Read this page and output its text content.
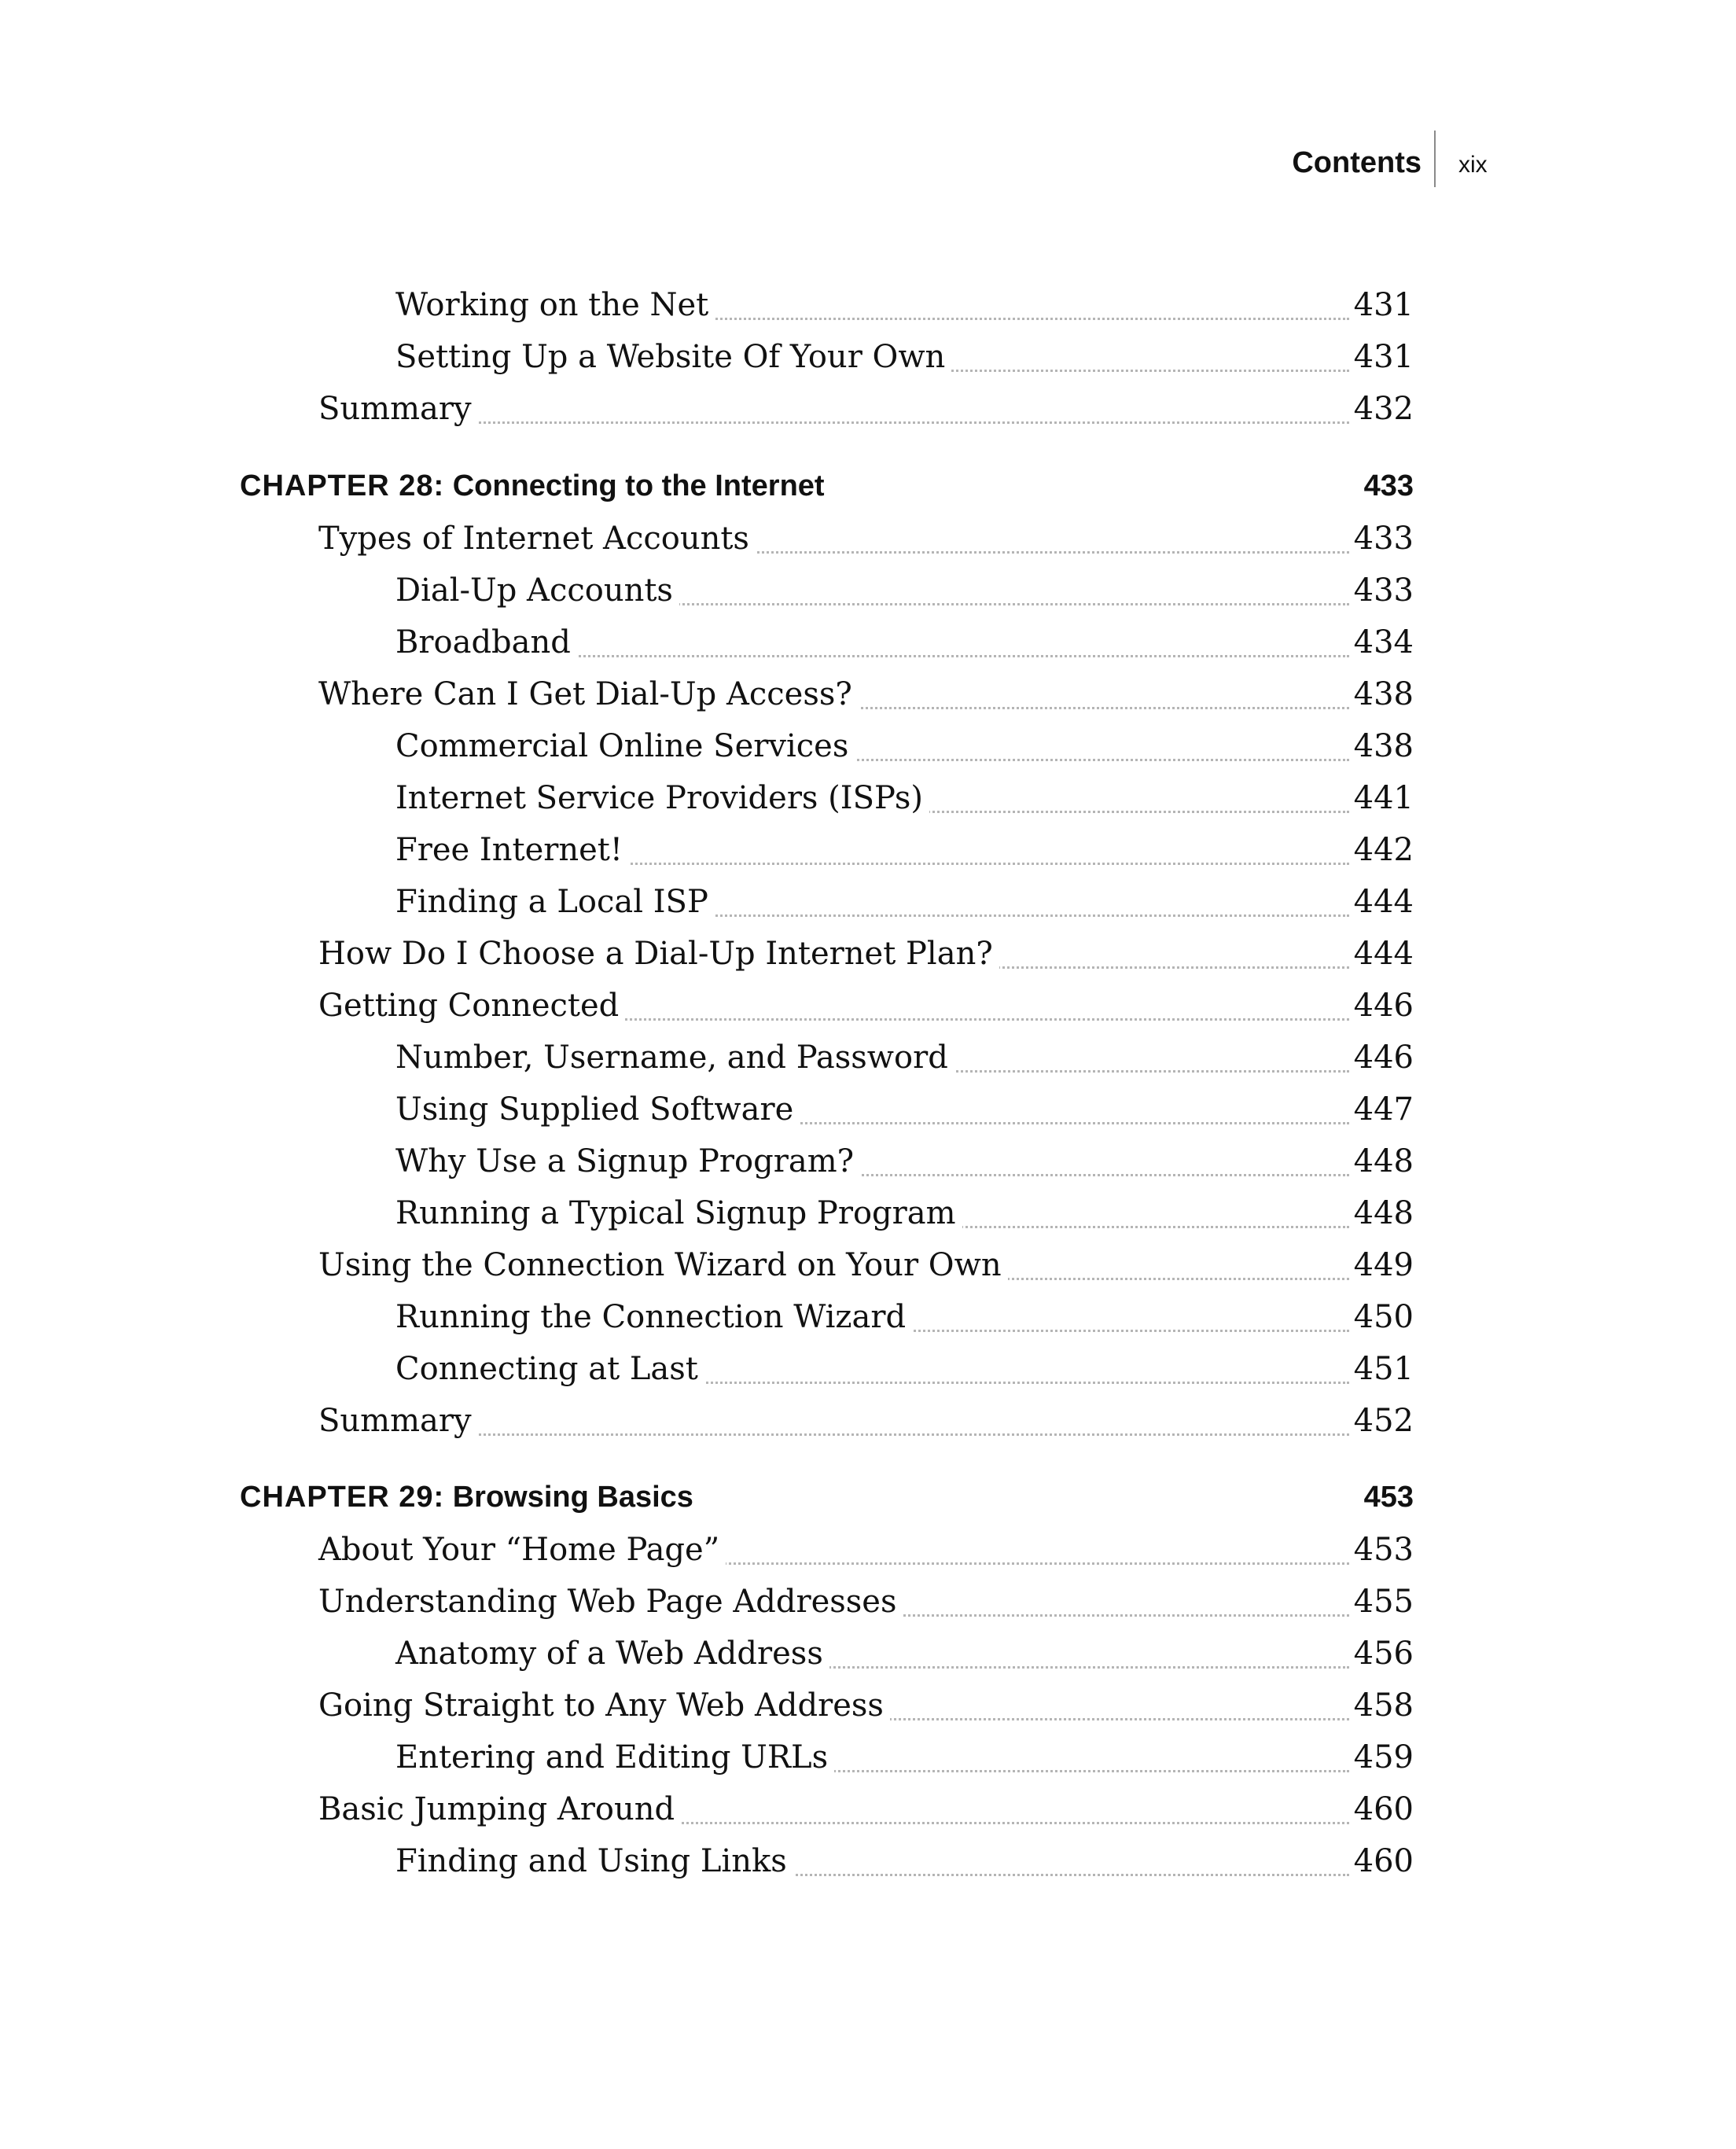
Contents xix
Working on the Net	431
Setting Up a Website Of Your Own	431
Summary	432
CHAPTER 28: Connecting to the Internet	433
Types of Internet Accounts	433
Dial-Up Accounts	433
Broadband	434
Where Can I Get Dial-Up Access?	438
Commercial Online Services	438
Internet Service Providers (ISPs)	441
Free Internet!	442
Finding a Local ISP	444
How Do I Choose a Dial-Up Internet Plan?	444
Getting Connected	446
Number, Username, and Password	446
Using Supplied Software	447
Why Use a Signup Program?	448
Running a Typical Signup Program	448
Using the Connection Wizard on Your Own	449
Running the Connection Wizard	450
Connecting at Last	451
Summary	452
CHAPTER 29: Browsing Basics	453
About Your “Home Page”	453
Understanding Web Page Addresses	455
Anatomy of a Web Address	456
Going Straight to Any Web Address	458
Entering and Editing URLs	459
Basic Jumping Around	460
Finding and Using Links	460
